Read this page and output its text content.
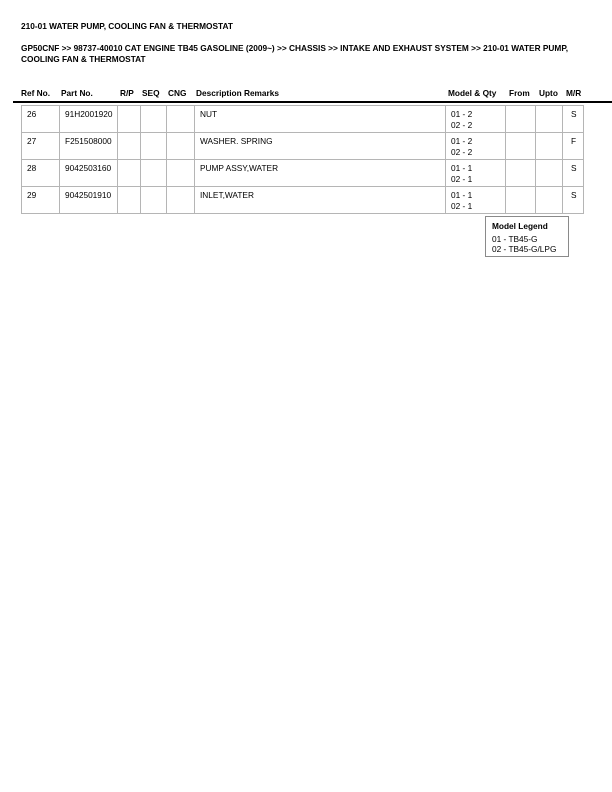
210-01 WATER PUMP, COOLING FAN & THERMOSTAT
GP50CNF >> 98737-40010 CAT ENGINE TB45 GASOLINE (2009~) >> CHASSIS >> INTAKE AND EXHAUST SYSTEM >> 210-01 WATER PUMP, COOLING FAN & THERMOSTAT
Ref No. Part No.	R/P SEQ CNG Description Remarks	Model & Qty From Upto M/R
26	91H2001920				NUT	01 - 2
02 - 2			S
27	F251508000				WASHER. SPRING	01 - 2
02 - 2			F
28	9042503160				PUMP ASSY,WATER	01 - 1
02 - 1			S
29	9042501910				INLET,WATER	01 - 1
02 - 1			S
Model Legend
01 - TB45-G
02 - TB45-G/LPG
